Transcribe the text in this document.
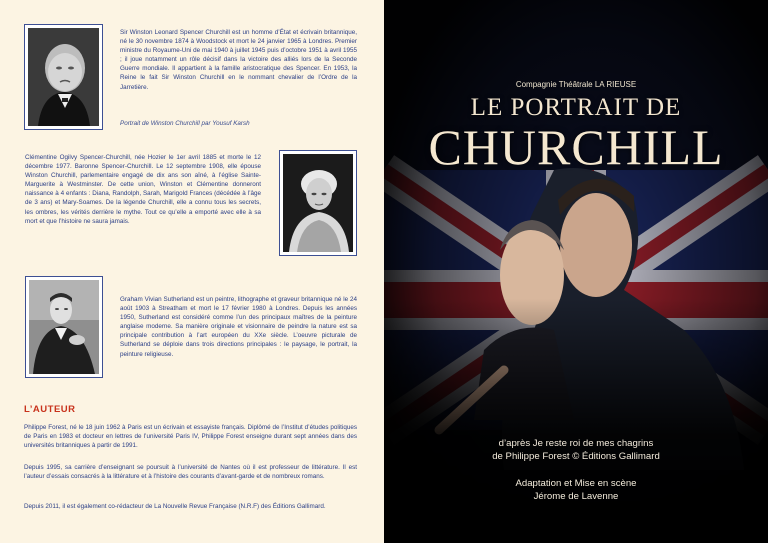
Sir Winston Leonard Spencer Churchill est un homme d’État et écrivain britannique, né le 30 novembre 1874 à Woodstock et mort le 24 janvier 1965 à Londres. Premier ministre du Royaume-Uni de mai 1940 à juillet 1945 puis d’octobre 1951 à avril 1955 ; il joue notamment un rôle décisif dans la victoire des alliés lors de la Seconde Guerre mondiale. Il appartient à la famille aristocratique des Spencer. En 1953, la Reine le fait Sir Winston Churchill en le nommant chevalier de l’Ordre de la Jarretière.
Portrait de Winston Churchill par Yousuf Karsh
Clémentine Ogilvy Spencer-Churchill, née Hozier le 1er avril 1885 et morte le 12 décembre 1977. Baronne Spencer-Churchill. Le 12 septembre 1908, elle épouse Winston Churchill, parlementaire engagé de dix ans son aîné, à l’église Sainte-Marguerite à Westminster. De cette union, Winston et Clémentine donneront naissance à 4 enfants : Diana, Randolph, Sarah, Marigold Frances (décédée à l’âge de 3 ans) et Mary-Soames. De la légende Churchill, elle a connu tous les secrets, les ombres, les vérités derrière le mythe. Tout ce qu’elle a emporté avec elle à sa mort et que l’histoire ne saura jamais.
Graham Vivian Sutherland est un peintre, lithographe et graveur britannique né le 24 août 1903 à Streatham et mort le 17 février 1980 à Londres. Depuis les années 1950, Sutherland est considéré comme l’un des principaux maîtres de la peinture anglaise moderne. Sa manière originale et visionnaire de peindre la nature est sa principale contribution à l’art européen du XXe siècle. L’oeuvre picturale de Sutherland se déploie dans trois directions principales : le paysage, le portrait, la peinture religieuse.
L’AUTEUR
Philippe Forest, né le 18 juin 1962 à Paris est un écrivain et essayiste français. Diplômé de l’Institut d’études politiques de Paris en 1983 et docteur en lettres de l’université Paris IV, Philippe Forest enseigne durant sept années dans des universités britanniques à partir de 1991.
Depuis 1995, sa carrière d’enseignant se poursuit à l’université de Nantes où il est professeur de littérature. Il est l’auteur d’essais consacrés à la littérature et à l’histoire des courants d’avant-garde et de nombreux romans.
Depuis 2011, il est également co-rédacteur de La Nouvelle Revue Française (N.R.F) des Éditions Gallimard.
Compagnie Théâtrale LA RIEUSE
LE PORTRAIT DE
CHURCHILL
d’après Je reste roi de mes chagrins
de Philippe Forest © Éditions Gallimard
Adaptation et Mise en scène
Jérome de Lavenne
